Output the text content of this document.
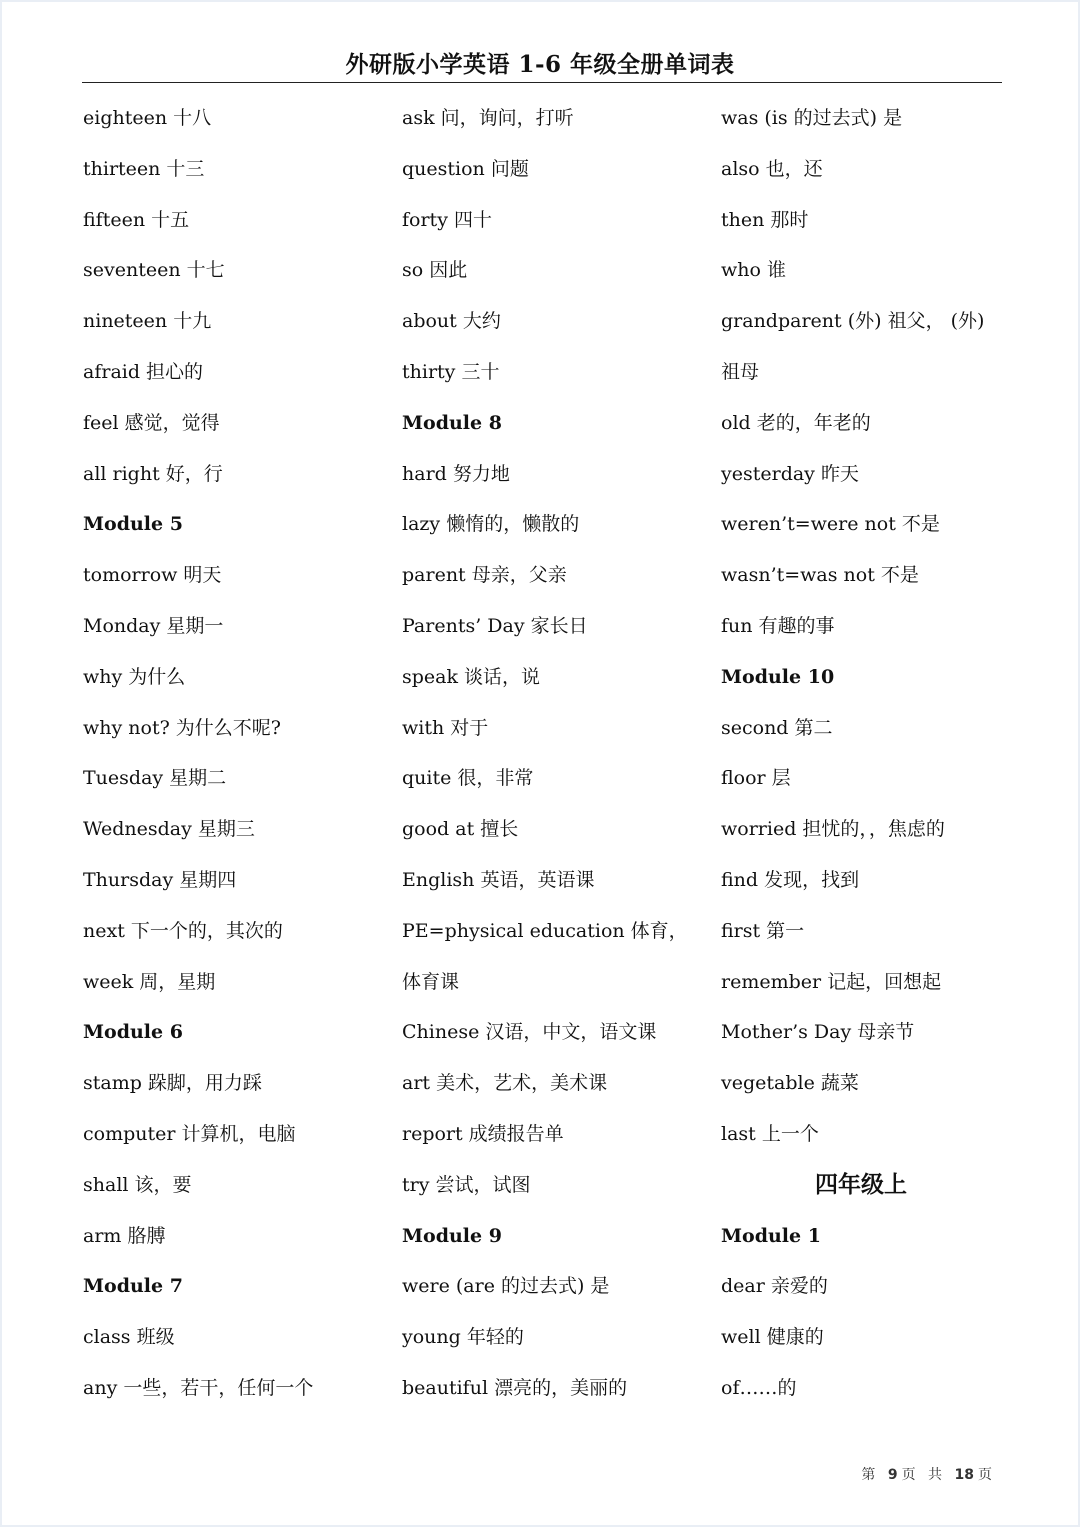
外研版小学英语 1-6 年级全册单词表
eighteen 十八
thirteen 十三
fifteen 十五
seventeen 十七
nineteen 十九
afraid 担心的
feel 感觉，觉得
all right 好，行
Module 5
tomorrow 明天
Monday 星期一
why 为什么
why not? 为什么不呢?
Tuesday 星期二
Wednesday 星期三
Thursday 星期四
next 下一个的，其次的
week 周，星期
Module 6
stamp 跺脚，用力踩
computer 计算机，电脑
shall 该，要
arm 胳膊
Module 7
class 班级
any 一些，若干，任何一个
ask 问，询问，打听
question 问题
forty 四十
so 因此
about 大约
thirty 三十
Module 8
hard 努力地
lazy 懒惰的，懒散的
parent 母亲，父亲
Parents’ Day 家长日
speak 谈话，说
with 对于
quite 很，非常
good at 擅长
English 英语，英语课
PE=physical education 体育，
体育课
Chinese 汉语，中文，语文课
art 美术，艺术，美术课
report 成绩报告单
try 尝试，试图
Module 9
were (are 的过去式) 是
young 年轻的
beautiful 漂亮的，美丽的
was (is 的过去式) 是
also 也，还
then 那时
who 谁
grandparent (外) 祖父， (外)
祖母
old 老的，年老的
yesterday 昨天
weren’t=were not 不是
wasn’t=was not 不是
fun 有趣的事
Module 10
second 第二
floor 层
worried 担忧的，，焦虑的
find 发现，找到
first 第一
remember 记起，回想起
Mother’s Day 母亲节
vegetable 蔬菜
last 上一个
四年级上
Module 1
dear 亲爱的
well 健康的
of……的
第 9 页 共 18 页
